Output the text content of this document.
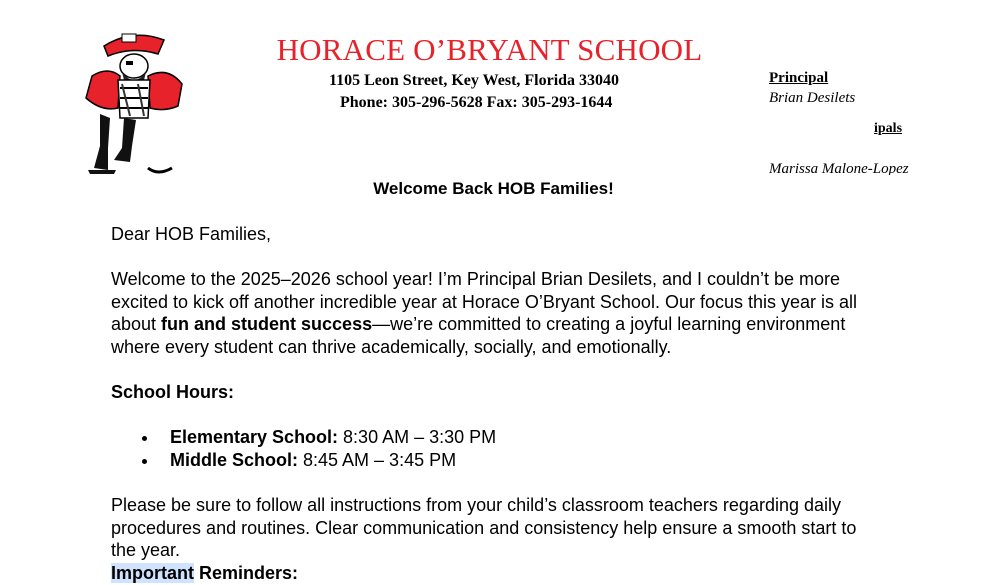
HORACE O’BRYANT SCHOOL
1105 Leon Street, Key West, Florida 33040
Phone: 305-296-5628 Fax: 305-293-1644
Principal
Brian Desilets
ipals
Marissa Malone-Lopez
Welcome Back HOB Families!
Dear HOB Families,
Welcome to the 2025–2026 school year! I’m Principal Brian Desilets, and I couldn’t be more excited to kick off another incredible year at Horace O’Bryant School. Our focus this year is all about fun and student success—we’re committed to creating a joyful learning environment where every student can thrive academically, socially, and emotionally.
School Hours:
Elementary School: 8:30 AM – 3:30 PM
Middle School: 8:45 AM – 3:45 PM
Please be sure to follow all instructions from your child’s classroom teachers regarding daily procedures and routines. Clear communication and consistency help ensure a smooth start to the year.
Important Reminders:
